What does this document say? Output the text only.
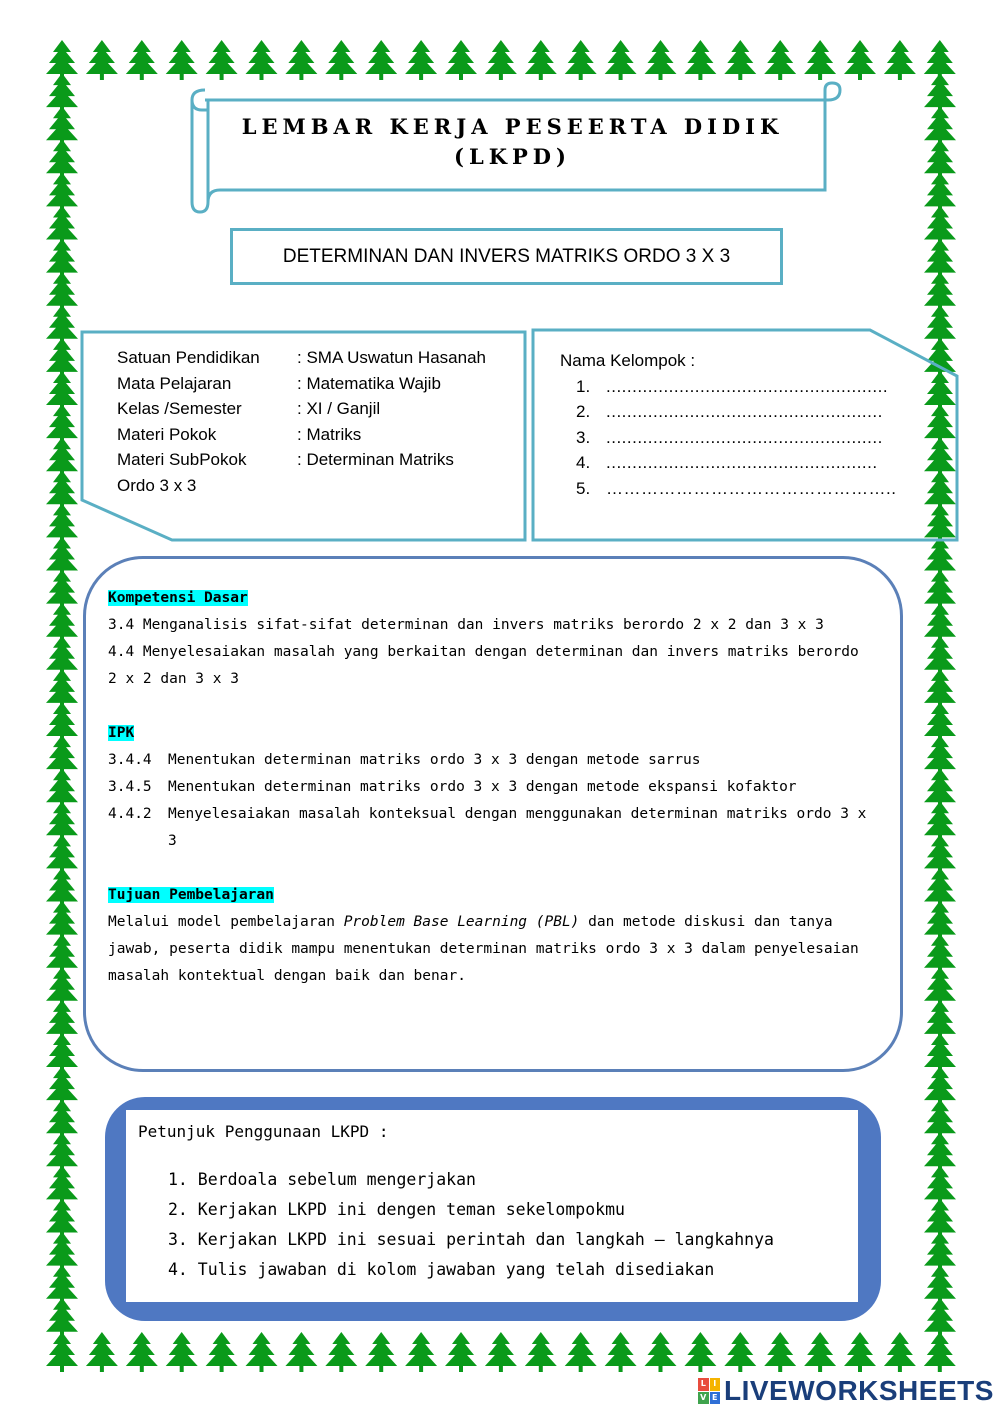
LEMBAR KERJA PESEERTA DIDIK
(LKPD)
DETERMINAN DAN INVERS MATRIKS ORDO 3 X 3
Satuan Pendidikan	: SMA Uswatun Hasanah
Mata Pelajaran	: Matematika Wajib
Kelas /Semester	: XI / Ganjil
Materi Pokok	: Matriks
Materi SubPokok	: Determinan Matriks
Ordo 3 x 3
Nama Kelompok :
1. ......................................................
2. .....................................................
3. .....................................................
4. ....................................................
5. …………………………………………..
Kompetensi Dasar
3.4 Menganalisis sifat-sifat determinan dan invers matriks berordo 2 x 2 dan 3 x 3
4.4 Menyelesaiakan masalah yang berkaitan dengan determinan dan invers matriks berordo 2 x 2 dan 3 x 3
IPK
3.4.4	Menentukan determinan matriks ordo 3 x 3 dengan metode sarrus
3.4.5	Menentukan determinan matriks ordo 3 x 3 dengan metode ekspansi kofaktor
4.4.2	Menyelesaiakan masalah konteksual dengan menggunakan determinan matriks ordo 3 x 3
Tujuan Pembelajaran
Melalui model pembelajaran Problem Base Learning (PBL) dan metode diskusi dan tanya jawab, peserta didik mampu menentukan determinan matriks ordo 3 x 3 dalam penyelesaian masalah kontektual dengan baik dan benar.
Petunjuk Penggunaan LKPD :
1. Berdoala sebelum mengerjakan
2. Kerjakan LKPD ini dengen teman sekelompokmu
3. Kerjakan LKPD ini sesuai perintah dan langkah – langkahnya
4. Tulis jawaban di kolom jawaban yang telah disediakan
L I
V E LIVEWORKSHEETS
